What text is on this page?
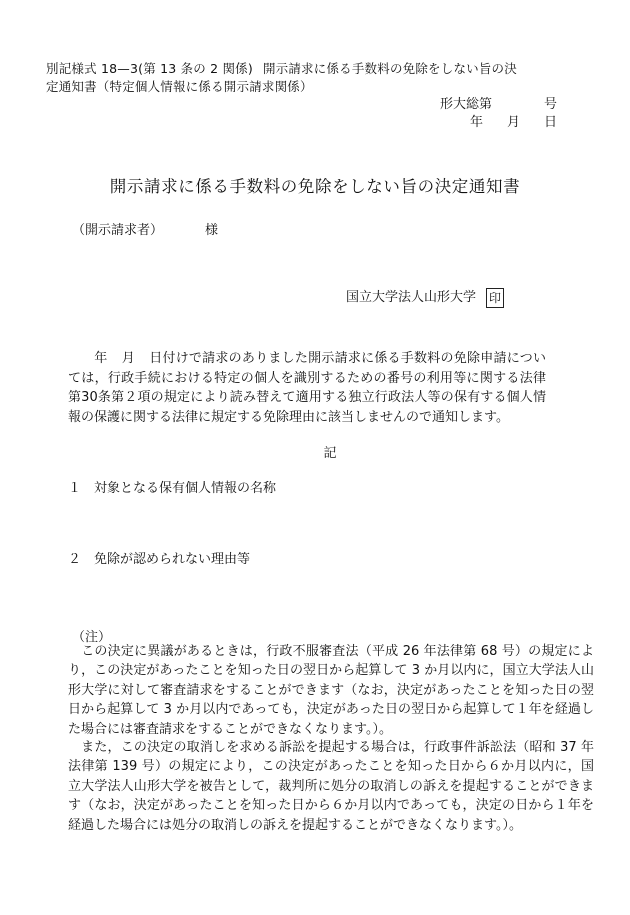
別記様式 18—3(第 13 条の 2 関係) 開示請求に係る手数料の免除をしない旨の決
定通知書（特定個人情報に係る開示請求関係）
形大総第	号
年 月 日
開示請求に係る手数料の免除をしない旨の決定通知書
（開示請求者）	様
国立大学法人山形大学 印
年 月 日付けで請求のありました開示請求に係る手数料の免除申請については，行政手続における特定の個人を識別するための番号の利用等に関する法律第30条第２項の規定により読み替えて適用する独立行政法人等の保有する個人情報の保護に関する法律に規定する免除理由に該当しませんので通知します。
記
１ 対象となる保有個人情報の名称
２ 免除が認められない理由等
（注）
この決定に異議があるときは，行政不服審査法（平成 26 年法律第 68 号）の規定により，この決定があったことを知った日の翌日から起算して 3 か月以内に，国立大学法人山形大学に対して審査請求をすることができます（なお，決定があったことを知った日の翌日から起算して 3 か月以内であっても，決定があった日の翌日から起算して１年を経過した場合には審査請求をすることができなくなります。）。
また，この決定の取消しを求める訴訟を提起する場合は，行政事件訴訟法（昭和 37 年法律第 139 号）の規定により，この決定があったことを知った日から６か月以内に，国立大学法人山形大学を被告として，裁判所に処分の取消しの訴えを提起することができます（なお，決定があったことを知った日から６か月以内であっても，決定の日から１年を経過した場合には処分の取消しの訴えを提起することができなくなります。）。
